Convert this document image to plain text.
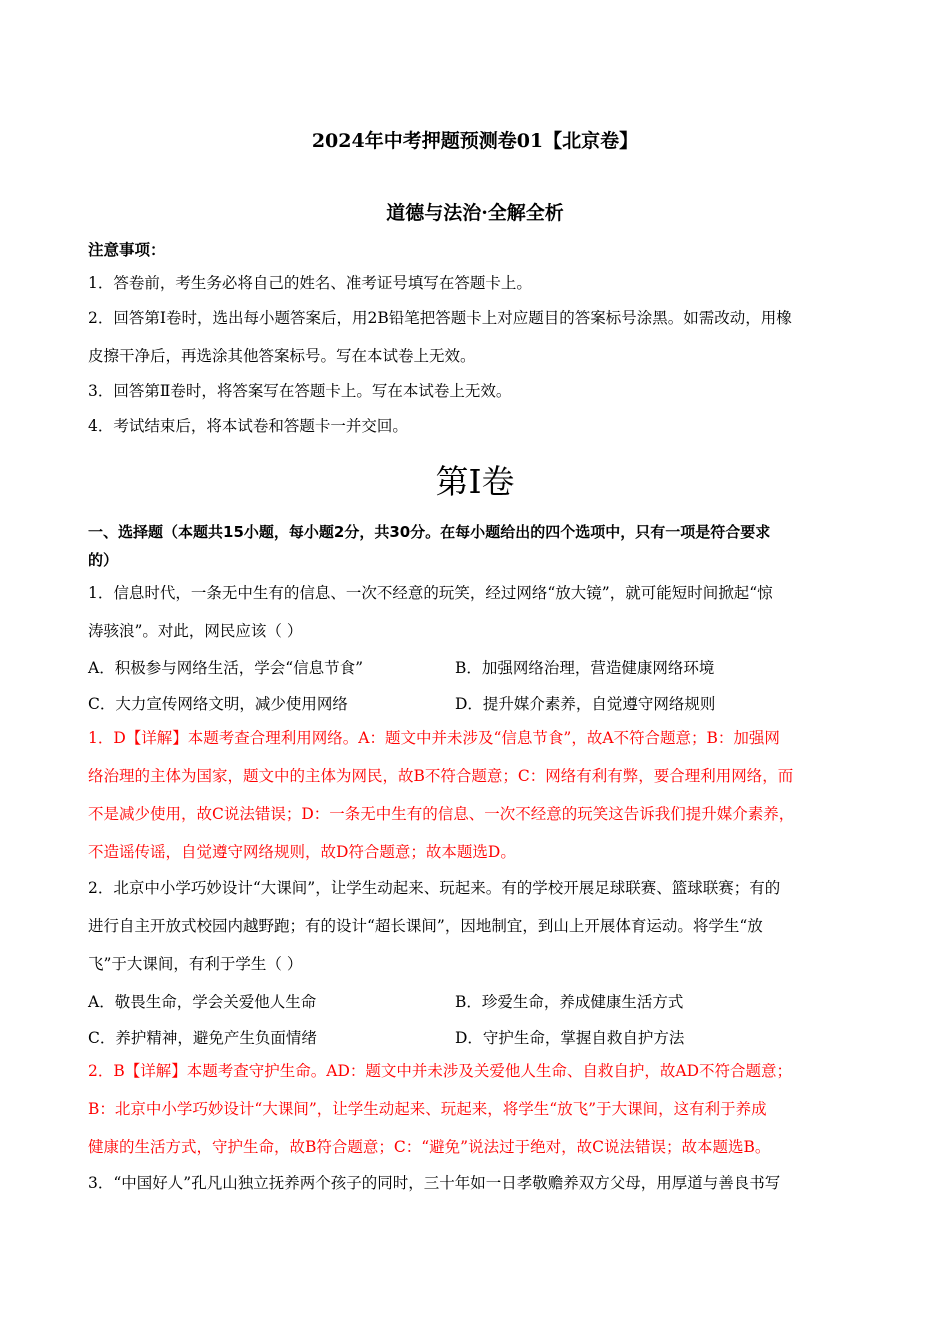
2024年中考押题预测卷01【北京卷】
道德与法治·全解全析
注意事项：
1．答卷前，考生务必将自己的姓名、准考证号填写在答题卡上。
2．回答第Ⅰ卷时，选出每小题答案后，用2B铅笔把答题卡上对应题目的答案标号涂黑。如需改动，用橡
皮擦干净后，再选涂其他答案标号。写在本试卷上无效。
3．回答第Ⅱ卷时，将答案写在答题卡上。写在本试卷上无效。
4．考试结束后，将本试卷和答题卡一并交回。
第Ⅰ卷
一、选择题（本题共15小题，每小题2分，共30分。在每小题给出的四个选项中，只有一项是符合要求
的）
1．信息时代，一条无中生有的信息、一次不经意的玩笑，经过网络“放大镜”，就可能短时间掀起“惊
涛骇浪”。对此，网民应该（ ）
A．积极参与网络生活，学会“信息节食”	B．加强网络治理，营造健康网络环境
C．大力宣传网络文明，减少使用网络	D．提升媒介素养，自觉遵守网络规则
1．D【详解】本题考查合理利用网络。A：题文中并未涉及“信息节食”，故A不符合题意；B：加强网
络治理的主体为国家，题文中的主体为网民，故B不符合题意；C：网络有利有弊，要合理利用网络，而
不是减少使用，故C说法错误；D：一条无中生有的信息、一次不经意的玩笑这告诉我们提升媒介素养，
不造谣传谣，自觉遵守网络规则，故D符合题意；故本题选D。
2．北京中小学巧妙设计“大课间”，让学生动起来、玩起来。有的学校开展足球联赛、篮球联赛；有的
进行自主开放式校园内越野跑；有的设计“超长课间”，因地制宜，到山上开展体育运动。将学生“放
飞”于大课间，有利于学生（ ）
A．敬畏生命，学会关爱他人生命	B．珍爱生命，养成健康生活方式
C．养护精神，避免产生负面情绪	D．守护生命，掌握自救自护方法
2．B【详解】本题考查守护生命。AD：题文中并未涉及关爱他人生命、自救自护，故AD不符合题意；
B：北京中小学巧妙设计“大课间”，让学生动起来、玩起来，将学生“放飞”于大课间，这有利于养成
健康的生活方式，守护生命，故B符合题意；C：“避免”说法过于绝对，故C说法错误；故本题选B。
3．“中国好人”孔凡山独立抚养两个孩子的同时，三十年如一日孝敬赡养双方父母，用厚道与善良书写
